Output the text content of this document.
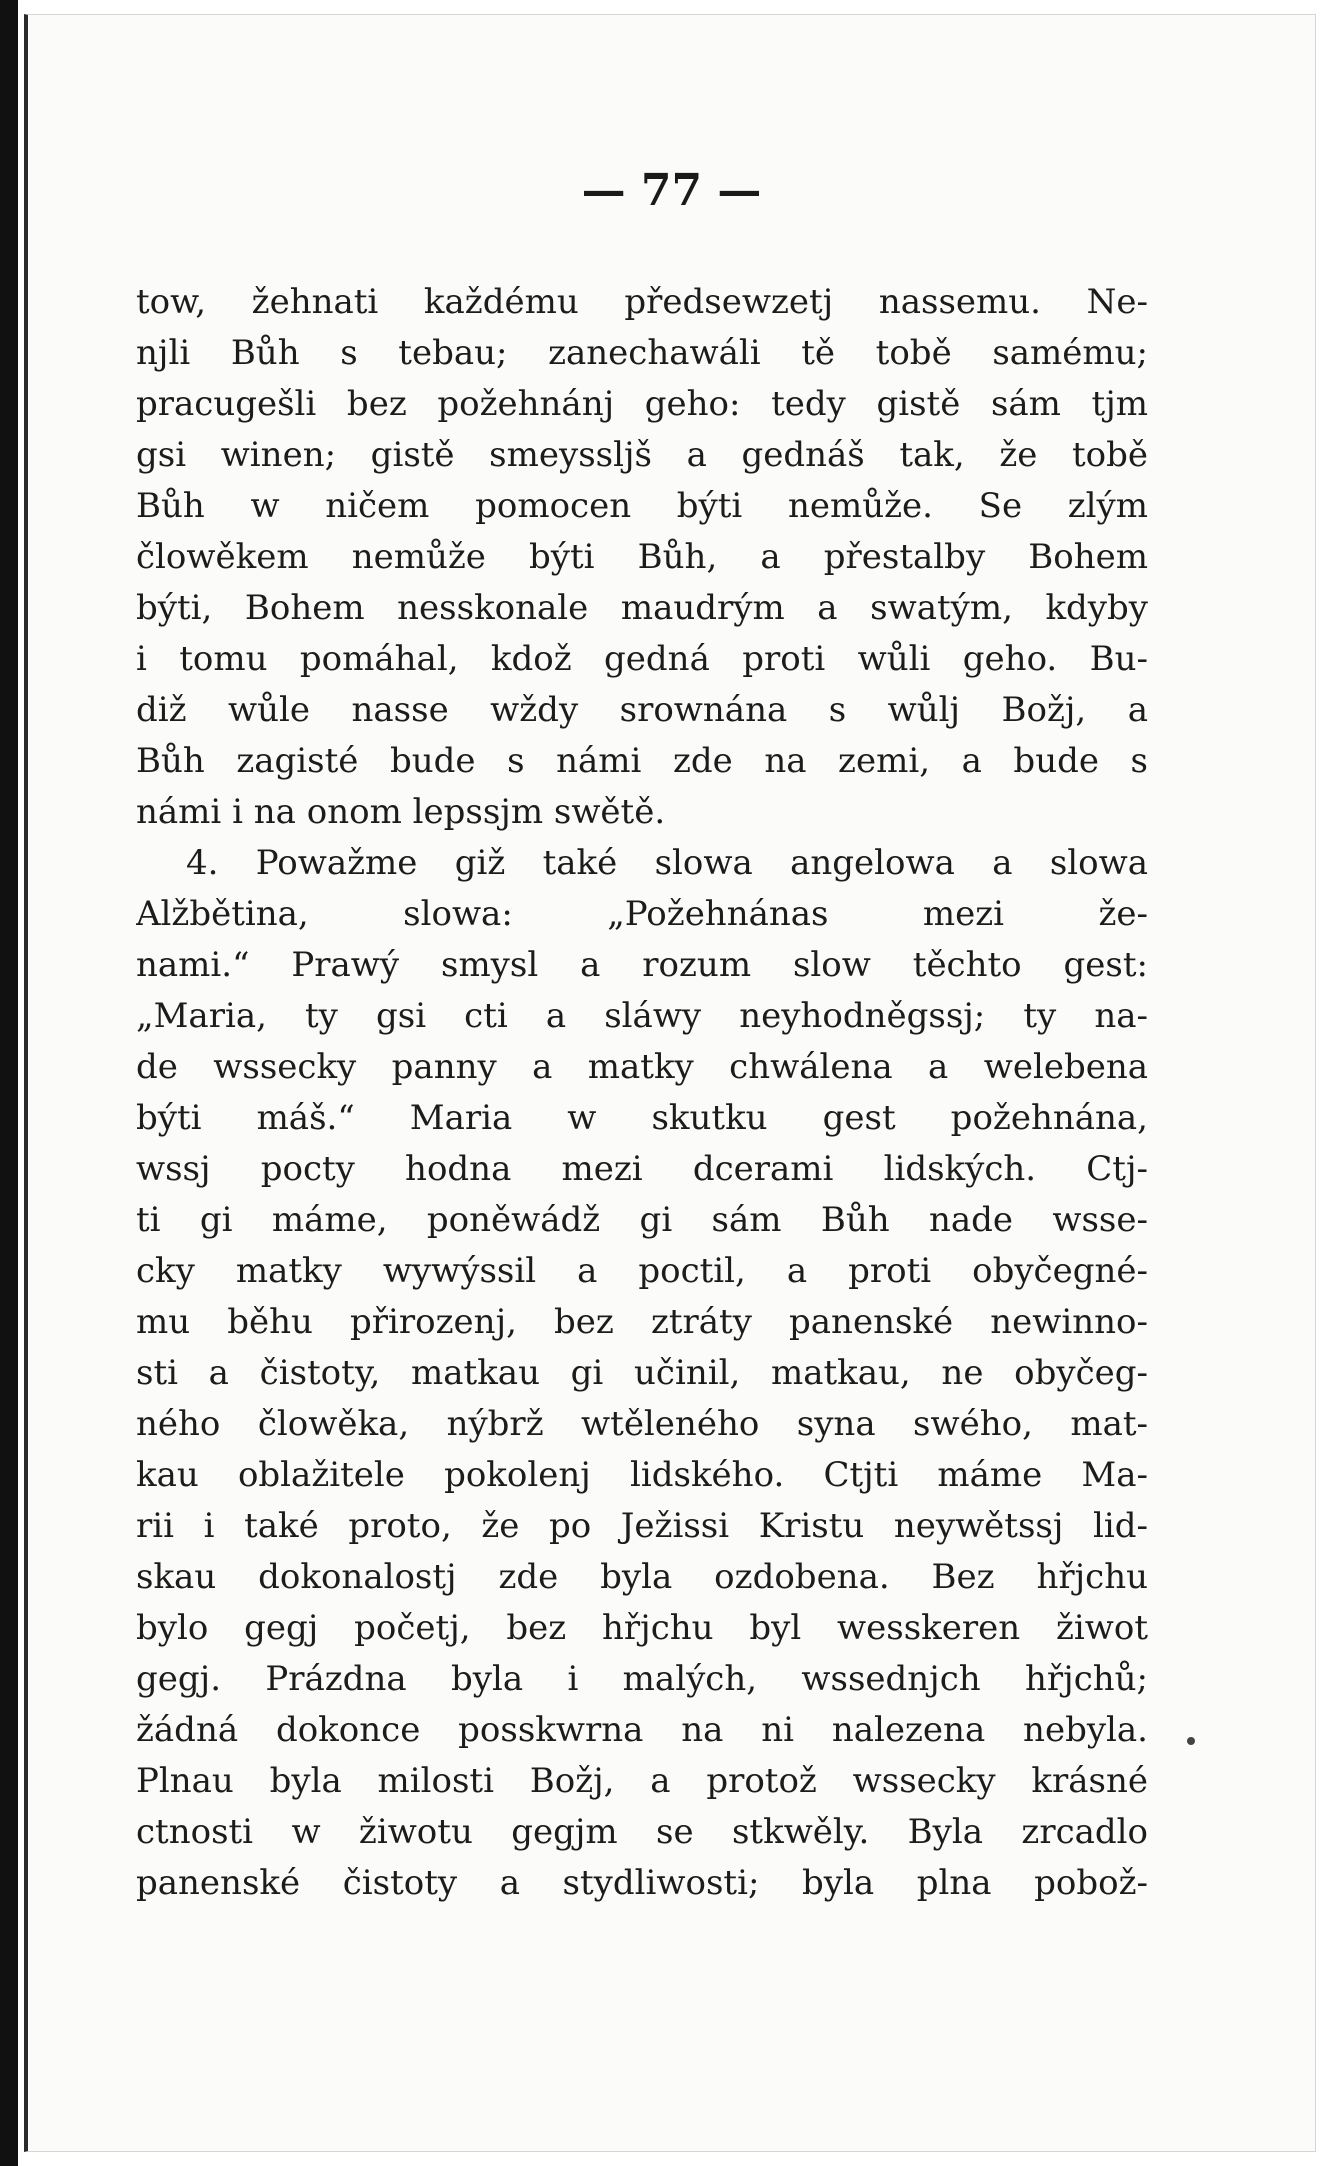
— 77 —
tow, žehnati každému předsewzetj nassemu. Ne-
njli Bůh s tebau; zanechawáli tě tobě samému;
pracugešli bez požehnánj geho: tedy gistě sám tjm
gsi winen; gistě smeyssljš a gednáš tak, že tobě
Bůh w ničem pomocen býti nemůže. Se zlým
člowěkem nemůže býti Bůh, a přestalby Bohem
býti, Bohem nesskonale maudrým a swatým, kdyby
i tomu pomáhal, kdož gedná proti wůli geho. Bu-
diž wůle nasse wždy srownána s wůlj Božj, a
Bůh zagisté bude s námi zde na zemi, a bude s
námi i na onom lepssjm swětě.
4. Powažme giž také slowa angelowa a slowa
Alžbětina, slowa: „Požehnánas mezi že-
nami.“ Prawý smysl a rozum slow těchto gest:
„Maria, ty gsi cti a sláwy neyhodněgssj; ty na-
de wssecky panny a matky chwálena a welebena
býti máš.“ Maria w skutku gest požehnána,
wssj pocty hodna mezi dcerami lidských. Ctj-
ti gi máme, poněwádž gi sám Bůh nade wsse-
cky matky wywýssil a poctil, a proti obyčegné-
mu běhu přirozenj, bez ztráty panenské newinno-
sti a čistoty, matkau gi učinil, matkau, ne obyčeg-
ného člowěka, nýbrž wtěleného syna swého, mat-
kau oblažitele pokolenj lidského. Ctjti máme Ma-
rii i také proto, že po Ježissi Kristu neywětssj lid-
skau dokonalostj zde byla ozdobena. Bez hřjchu
bylo gegj početj, bez hřjchu byl wesskeren žiwot
gegj. Prázdna byla i malých, wssednjch hřjchů;
žádná dokonce posskwrna na ni nalezena nebyla.
Plnau byla milosti Božj, a protož wssecky krásné
ctnosti w žiwotu gegjm se stkwěly. Byla zrcadlo
panenské čistoty a stydliwosti; byla plna pobož-
